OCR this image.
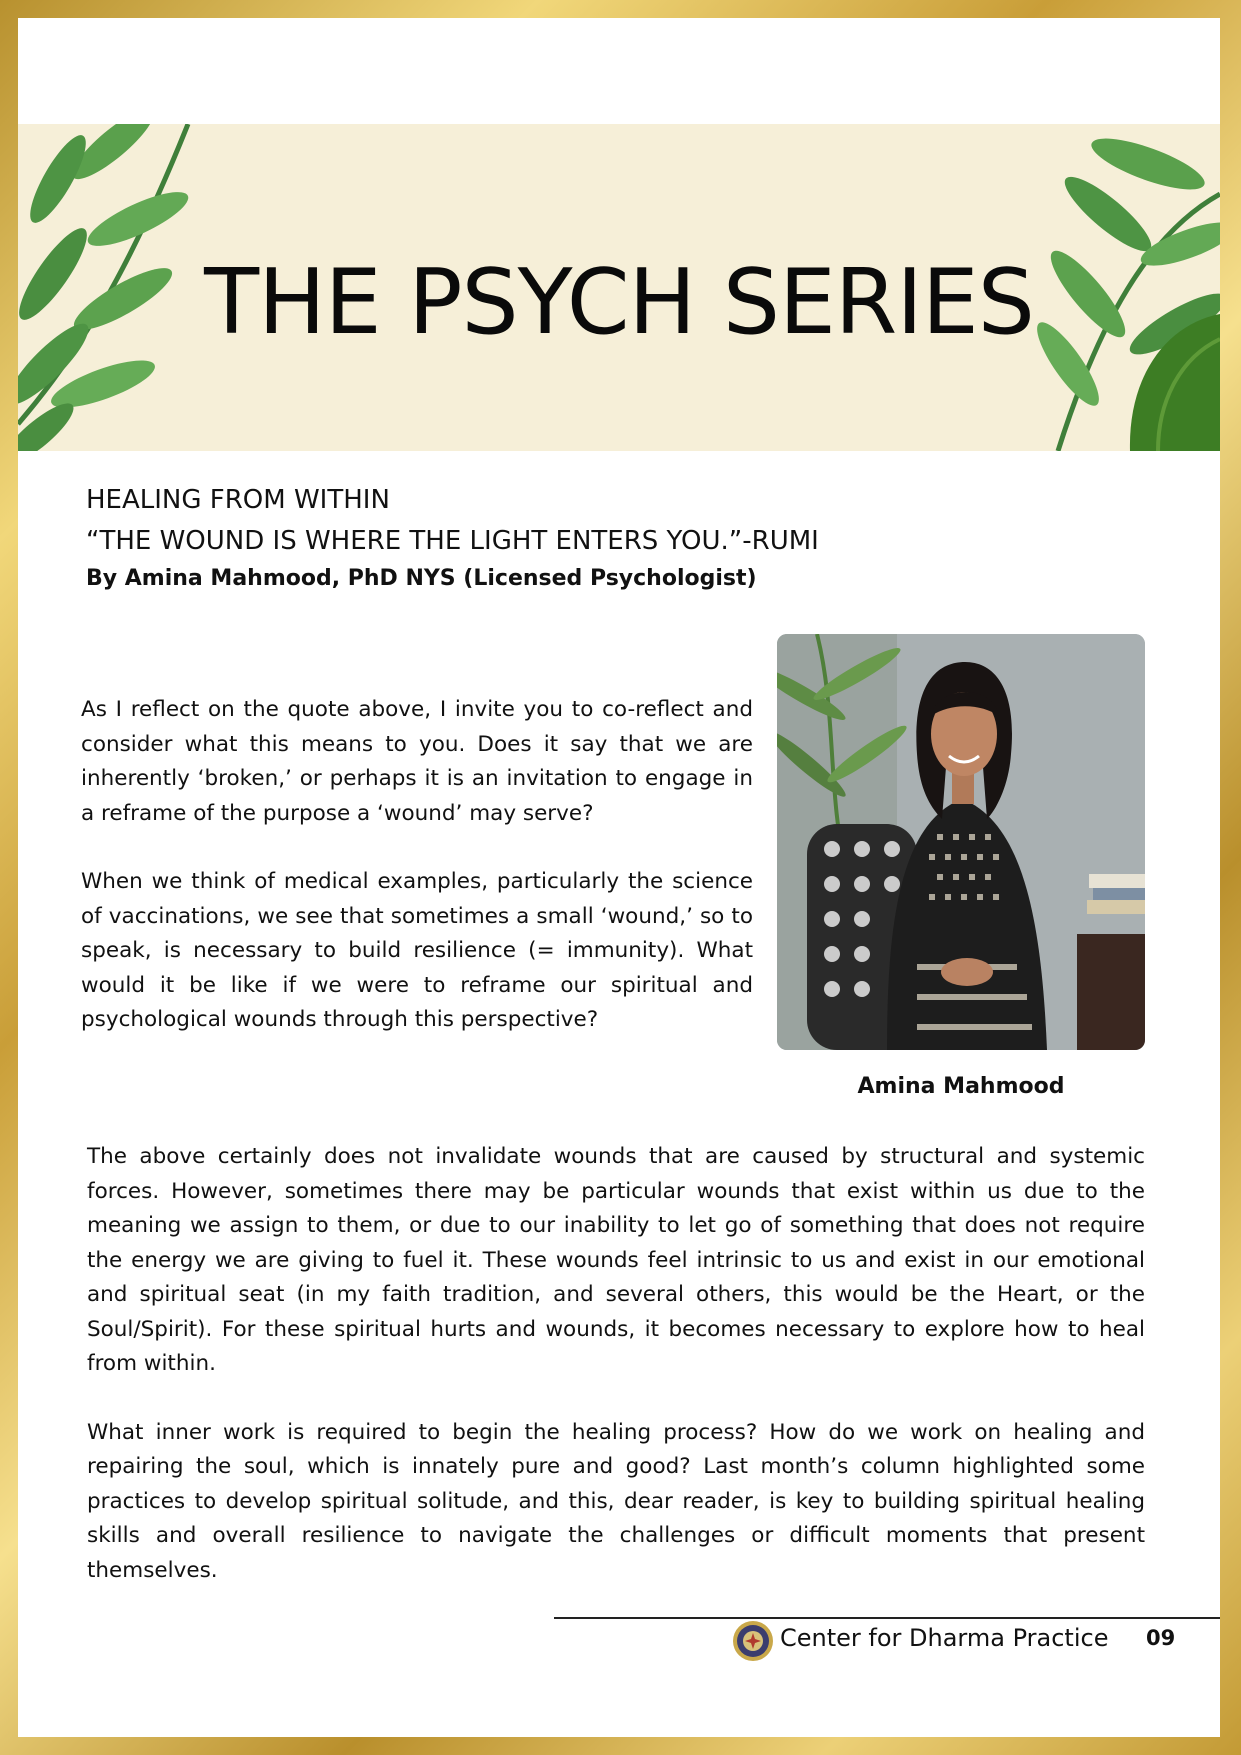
THE PSYCH SERIES

HEALING FROM WITHIN

“THE WOUND IS WHERE THE LIGHT ENTERS YOU.”-RUMI

By Amina Mahmood, PhD NYS (Licensed Psychologist)

As I reflect on the quote above, I invite you to co-reflect and consider what this means to you. Does it say that we are inherently ‘broken,’ or perhaps it is an invitation to engage in a reframe of the purpose a ‘wound’ may serve?

When we think of medical examples, particularly the science of vaccinations, we see that sometimes a small ‘wound,’ so to speak, is necessary to build resilience (= immunity). What would it be like if we were to reframe our spiritual and psychological wounds through this perspective?

Amina Mahmood

The above certainly does not invalidate wounds that are caused by structural and systemic forces. However, sometimes there may be particular wounds that exist within us due to the meaning we assign to them, or due to our inability to let go of something that does not require the energy we are giving to fuel it. These wounds feel intrinsic to us and exist in our emotional and spiritual seat (in my faith tradition, and several others, this would be the Heart, or the Soul/Spirit). For these spiritual hurts and wounds, it becomes necessary to explore how to heal from within.

What inner work is required to begin the healing process? How do we work on healing and repairing the soul, which is innately pure and good? Last month’s column highlighted some practices to develop spiritual solitude, and this, dear reader, is key to building spiritual healing skills and overall resilience to navigate the challenges or difficult moments that present themselves.

Center for Dharma Practice 09
